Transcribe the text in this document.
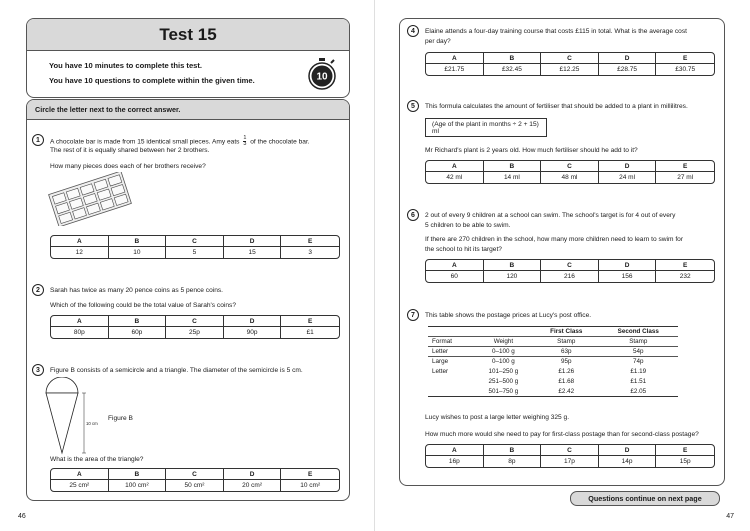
Test 15
You have 10 minutes to complete this test.
You have 10 questions to complete within the given time.	10
Circle the letter next to the correct answer.
1	A chocolate bar is made from 15 identical small pieces. Amy eats $\frac{1}{3}$ of the chocolate bar.
The rest of it is equally shared between her 2 brothers.
How many pieces does each of her brothers receive?
A	B	C	D	E
12	10	5	15	3
2	Sarah has twice as many 20 pence coins as 5 pence coins.
Which of the following could be the total value of Sarah's coins?
A	B	C	D	E
80p	60p	25p	90p	£1
3	Figure B consists of a semicircle and a triangle. The diameter of the semicircle is 5 cm.
Figure B
10 cm
What is the area of the triangle?
A	B	C	D	E
25 cm²	100 cm²	50 cm²	20 cm²	10 cm²
46
4	Elaine attends a four-day training course that costs £115 in total. What is the average cost
per day?
A	B	C	D	E
£21.75	£32.45	£12.25	£28.75	£30.75
5	This formula calculates the amount of fertiliser that should be added to a plant in millilitres.
(Age of the plant in months ÷ 2 + 15) ml
Mr Richard's plant is 2 years old. How much fertiliser should he add to it?
A	B	C	D	E
42 ml	14 ml	48 ml	24 ml	27 ml
6	2 out of every 9 children at a school can swim. The school's target is for 4 out of every
5 children to be able to swim.
If there are 270 children in the school, how many more children need to learn to swim for
the school to hit its target?
A	B	C	D	E
60	120	216	156	232
7	This table shows the postage prices at Lucy's post office.
		First Class	Second Class
Format	Weight	Stamp	Stamp
Letter	0–100 g	63p	54p
Large	0–100 g	95p	74p
Letter	101–250 g	£1.26	£1.19
	251–500 g	£1.68	£1.51
	501–750 g	£2.42	£2.05
Lucy wishes to post a large letter weighing 325 g.
How much more would she need to pay for first-class postage than for second-class postage?
A	B	C	D	E
16p	8p	17p	14p	15p
47
Questions continue on next page
